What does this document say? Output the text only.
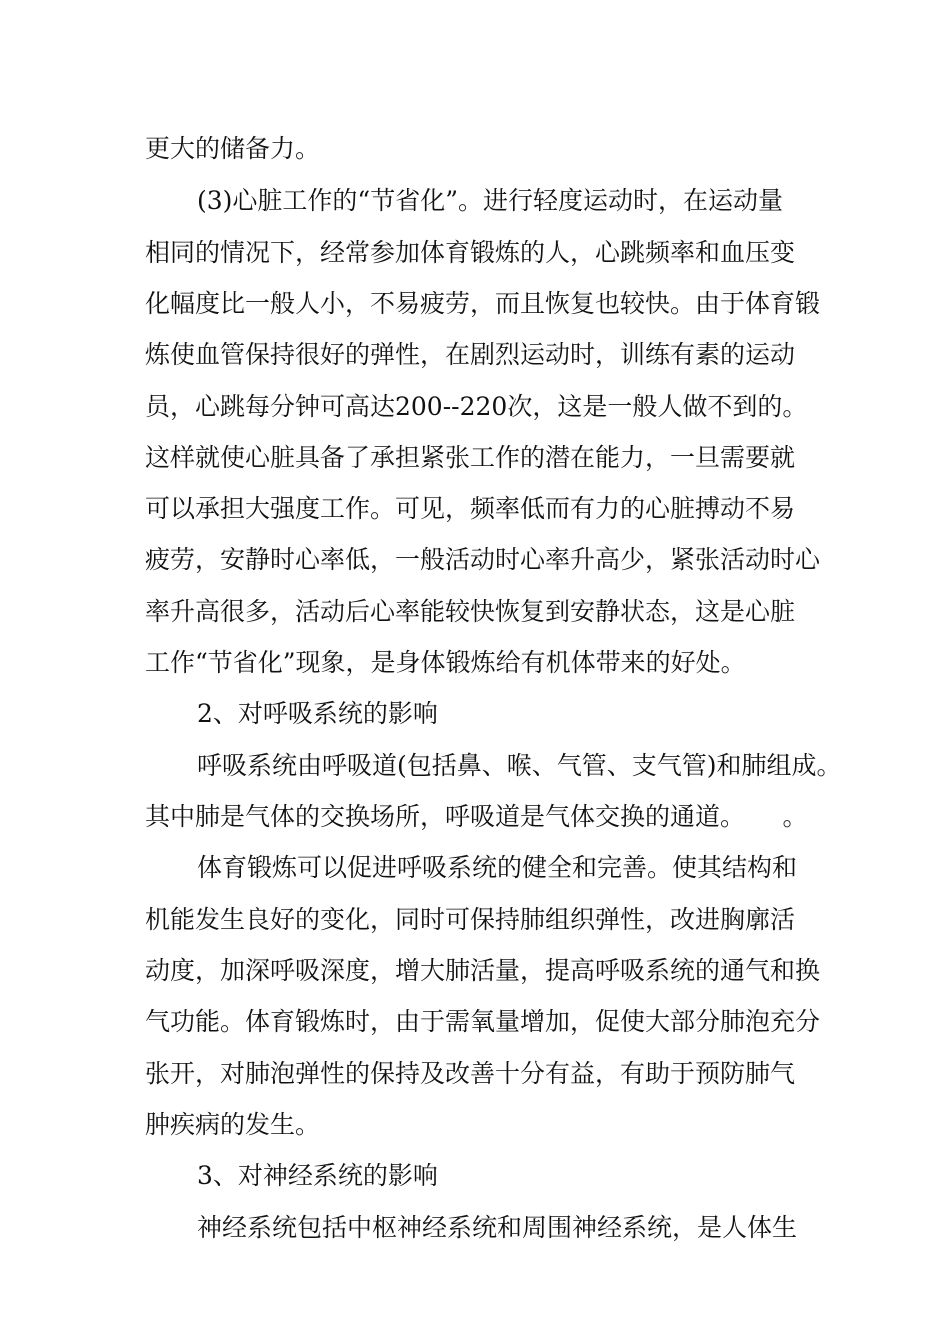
更大的储备力。

(3)心脏工作的“节省化”。进行轻度运动时，在运动量

相同的情况下，经常参加体育锻炼的人，心跳频率和血压变

化幅度比一般人小，不易疲劳，而且恢复也较快。由于体育锻

炼使血管保持很好的弹性，在剧烈运动时，训练有素的运动

员，心跳每分钟可高达200--220次，这是一般人做不到的。

这样就使心脏具备了承担紧张工作的潜在能力，一旦需要就

可以承担大强度工作。可见，频率低而有力的心脏搏动不易

疲劳，安静时心率低，一般活动时心率升高少，紧张活动时心

率升高很多，活动后心率能较快恢复到安静状态，这是心脏

工作“节省化”现象，是身体锻炼给有机体带来的好处。

2、对呼吸系统的影响

呼吸系统由呼吸道(包括鼻、喉、气管、支气管)和肺组成。

其中肺是气体的交换场所，呼吸道是气体交换的通道。　　。

体育锻炼可以促进呼吸系统的健全和完善。使其结构和

机能发生良好的变化，同时可保持肺组织弹性，改进胸廓活

动度，加深呼吸深度，增大肺活量，提高呼吸系统的通气和换

气功能。体育锻炼时，由于需氧量增加，促使大部分肺泡充分

张开，对肺泡弹性的保持及改善十分有益，有助于预防肺气

肿疾病的发生。

3、对神经系统的影响

神经系统包括中枢神经系统和周围神经系统，是人体生
